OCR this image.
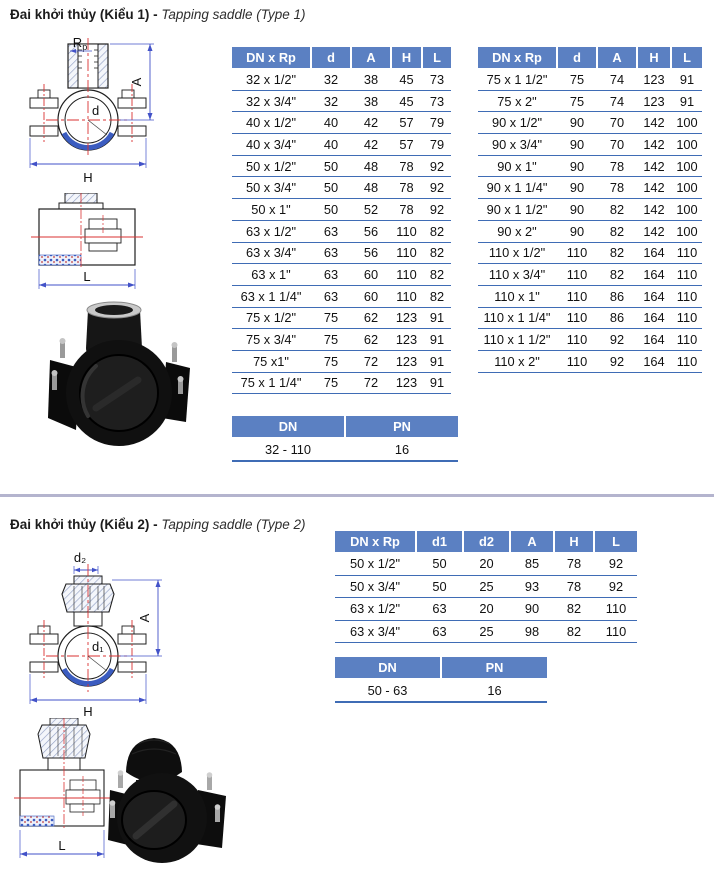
Đai khởi thủy (Kiểu 1) - Tapping saddle (Type 1)
d
A
H
$R_p$
L
DN x Rp	d	A	H	L
32 x 1/2"	32	38	45	73
32 x 3/4"	32	38	45	73
40 x 1/2"	40	42	57	79
40 x 3/4"	40	42	57	79
50 x 1/2"	50	48	78	92
50 x 3/4"	50	48	78	92
50 x 1"	50	52	78	92
63 x 1/2"	63	56	110	82
63 x 3/4"	63	56	110	82
63 x 1"	63	60	110	82
63 x 1 1/4"	63	60	110	82
75 x 1/2"	75	62	123 91
75 x 3/4"	75	62	123 91
75 x1"	75	72	123 91
75 x 1 1/4"	75	72	123 91
DN x Rp	d	A	H	L
75 x 1 1/2"	75	74	123	91
75 x 2"	75	74	123	91
90 x 1/2"	90	70	142 100
90 x 3/4"	90	70	142 100
90 x 1"	90	78	142 100
90 x 1 1/4"	90	78	142 100
90 x 1 1/2"	90	82	142 100
90 x 2"	90	82	142 100
110 x 1/2"	110	82	164 110
110 x 3/4"	110	82	164 110
110 x 1"	110	86	164 110
110 x 1 1/4"	110	86	164 110
110 x 1 1/2"	110	92	164 110
110 x 2"	110	92	164 110
DN	PN
32 - 110	16
Đai khởi thủy (Kiểu 2) - Tapping saddle (Type 2)
d₂
d₁
A
H
DN x Rp	d1	d2	A	H	L
50 x 1/2"	50	20	85	78	92
50 x 3/4"	50	25	93	78	92
63 x 1/2"	63	20	90	82	110
63 x 3/4"	63	25	98	82	110
DN	PN
50 - 63	16
L
